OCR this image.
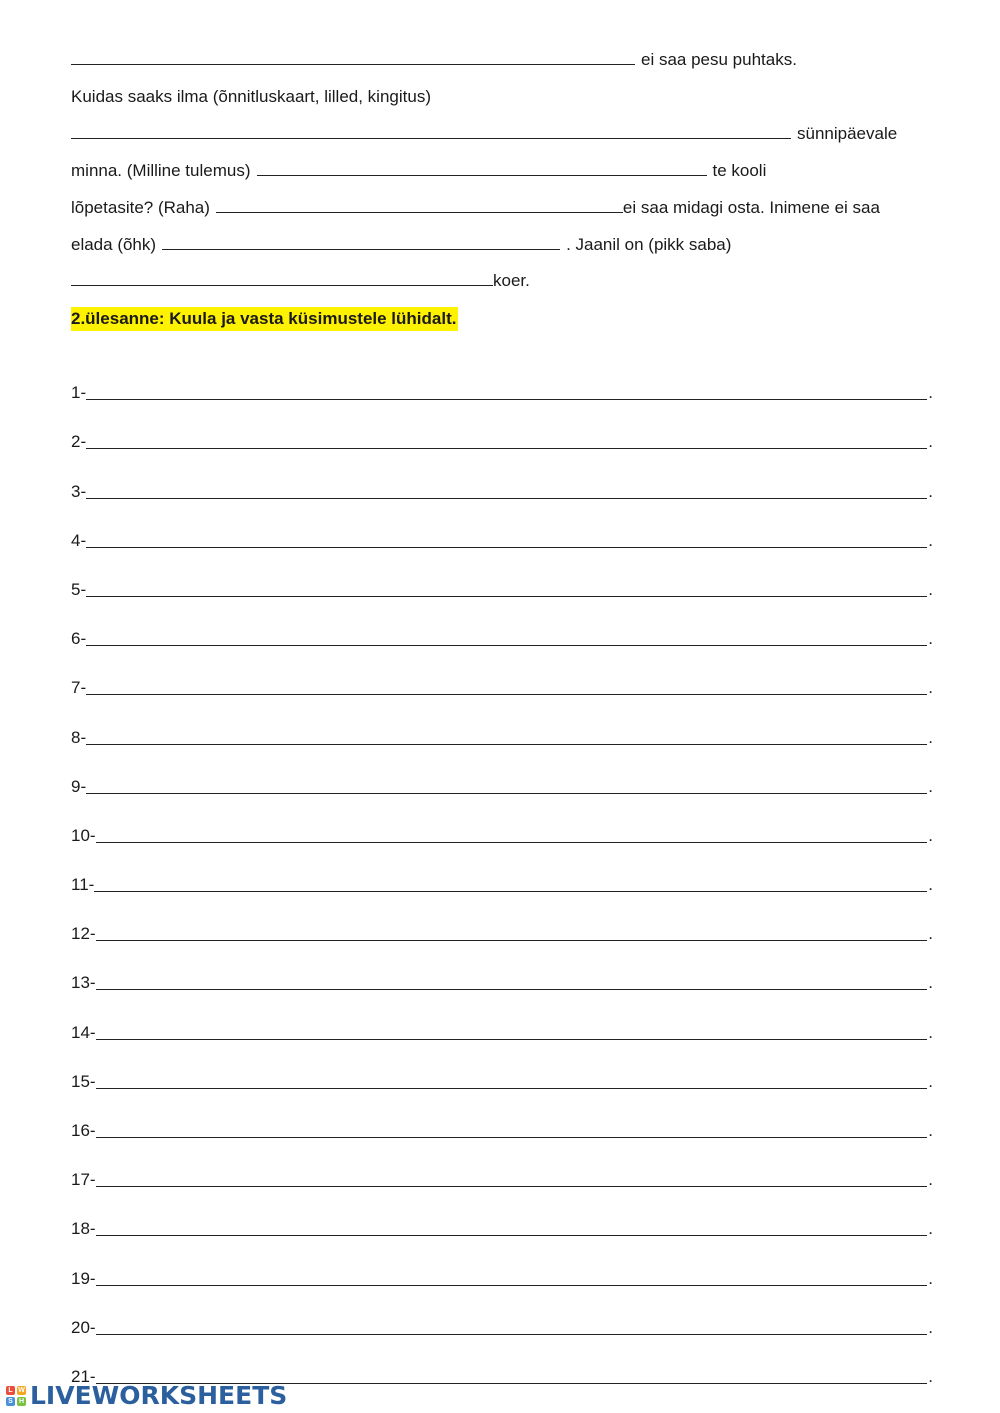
ei saa pesu puhtaks.
Kuidas saaks ilma (õnnitluskaart, lilled, kingitus)
sünnipäevale
minna. (Milline tulemus)	te kooli
lõpetasite? (Raha)	ei saa midagi osta. Inimene ei saa
elada (õhk)	. Jaanil on (pikk saba)
koer.
2.ülesanne: Kuula ja vasta küsimustele lühidalt.
1-	.
2-	.
3-	.
4-	.
5-	.
6-	.
7-	.
8-	.
9-	.
10-	.
11-	.
12-	.
13-	.
14-	.
15-	.
16-	.
17-	.
18-	.
19-	.
20-	.
21-	.
L W
S H LIVEWORKSHEETS
